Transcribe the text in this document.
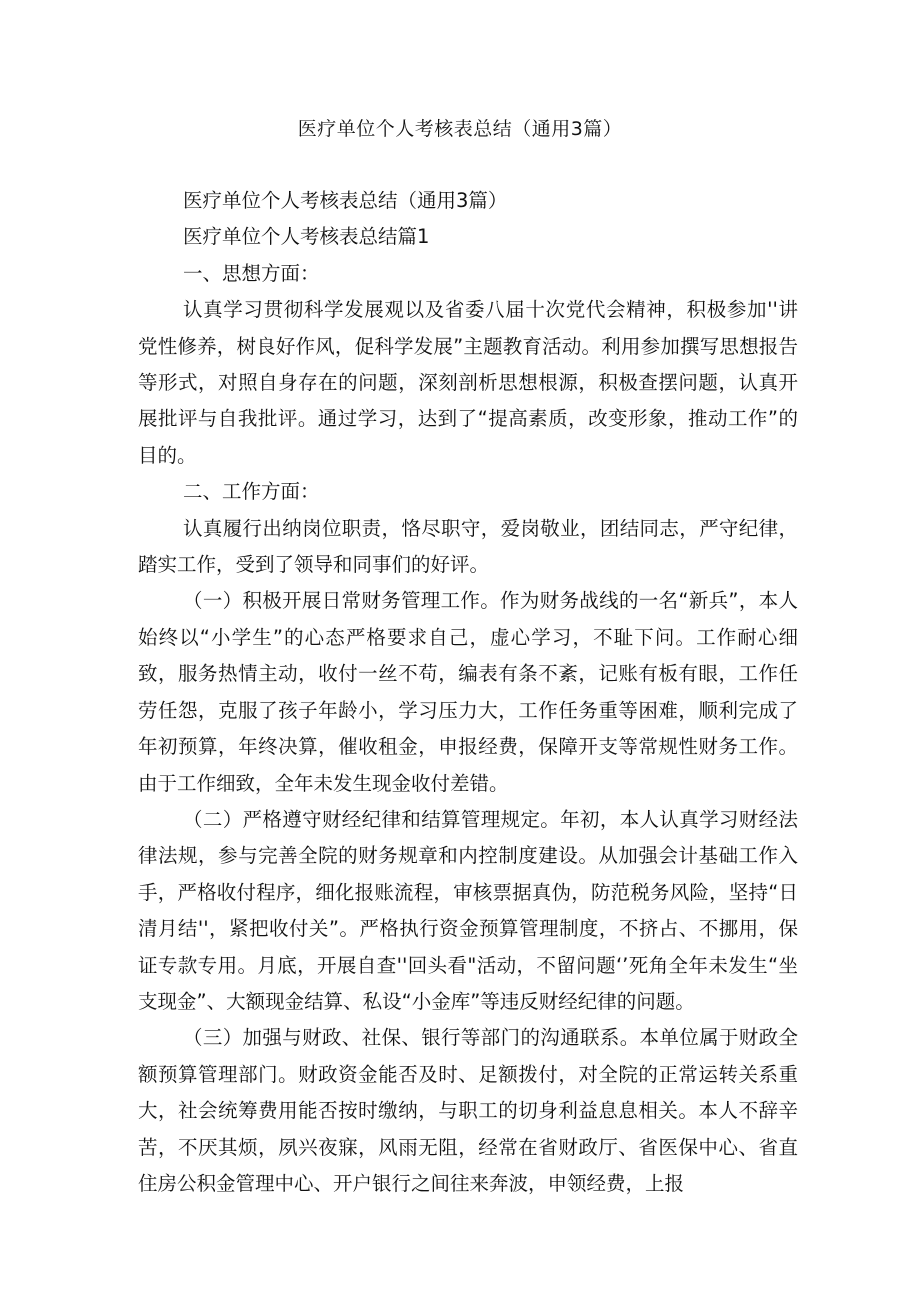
医疗单位个人考核表总结（通用3篇）

医疗单位个人考核表总结（通用3篇）

医疗单位个人考核表总结篇1

一、思想方面：

认真学习贯彻科学发展观以及省委八届十次党代会精神，积极参加''讲党性修养，树良好作风，促科学发展”主题教育活动。利用参加撰写思想报告等形式，对照自身存在的问题，深刻剖析思想根源，积极查摆问题，认真开展批评与自我批评。通过学习，达到了“提高素质，改变形象，推动工作”的目的。

二、工作方面：

认真履行出纳岗位职责，恪尽职守，爱岗敬业，团结同志，严守纪律，踏实工作，受到了领导和同事们的好评。

（一）积极开展日常财务管理工作。作为财务战线的一名“新兵”，本人始终以“小学生”的心态严格要求自己，虚心学习，不耻下问。工作耐心细致，服务热情主动，收付一丝不苟，编表有条不紊，记账有板有眼，工作任劳任怨，克服了孩子年龄小，学习压力大，工作任务重等困难，顺利完成了年初预算，年终决算，催收租金，申报经费，保障开支等常规性财务工作。由于工作细致，全年未发生现金收付差错。

（二）严格遵守财经纪律和结算管理规定。年初，本人认真学习财经法律法规，参与完善全院的财务规章和内控制度建设。从加强会计基础工作入手，严格收付程序，细化报账流程，审核票据真伪，防范税务风险，坚持“日清月结''，紧把收付关”。严格执行资金预算管理制度，不挤占、不挪用，保证专款专用。月底，开展自查''回头看"活动，不留问题‘’死角全年未发生“坐支现金”、大额现金结算、私设“小金库”等违反财经纪律的问题。

（三）加强与财政、社保、银行等部门的沟通联系。本单位属于财政全额预算管理部门。财政资金能否及时、足额拨付，对全院的正常运转关系重大，社会统筹费用能否按时缴纳，与职工的切身利益息息相关。本人不辞辛苦，不厌其烦，夙兴夜寐，风雨无阻，经常在省财政厅、省医保中心、省直住房公积金管理中心、开户银行之间往来奔波，申领经费，上报
